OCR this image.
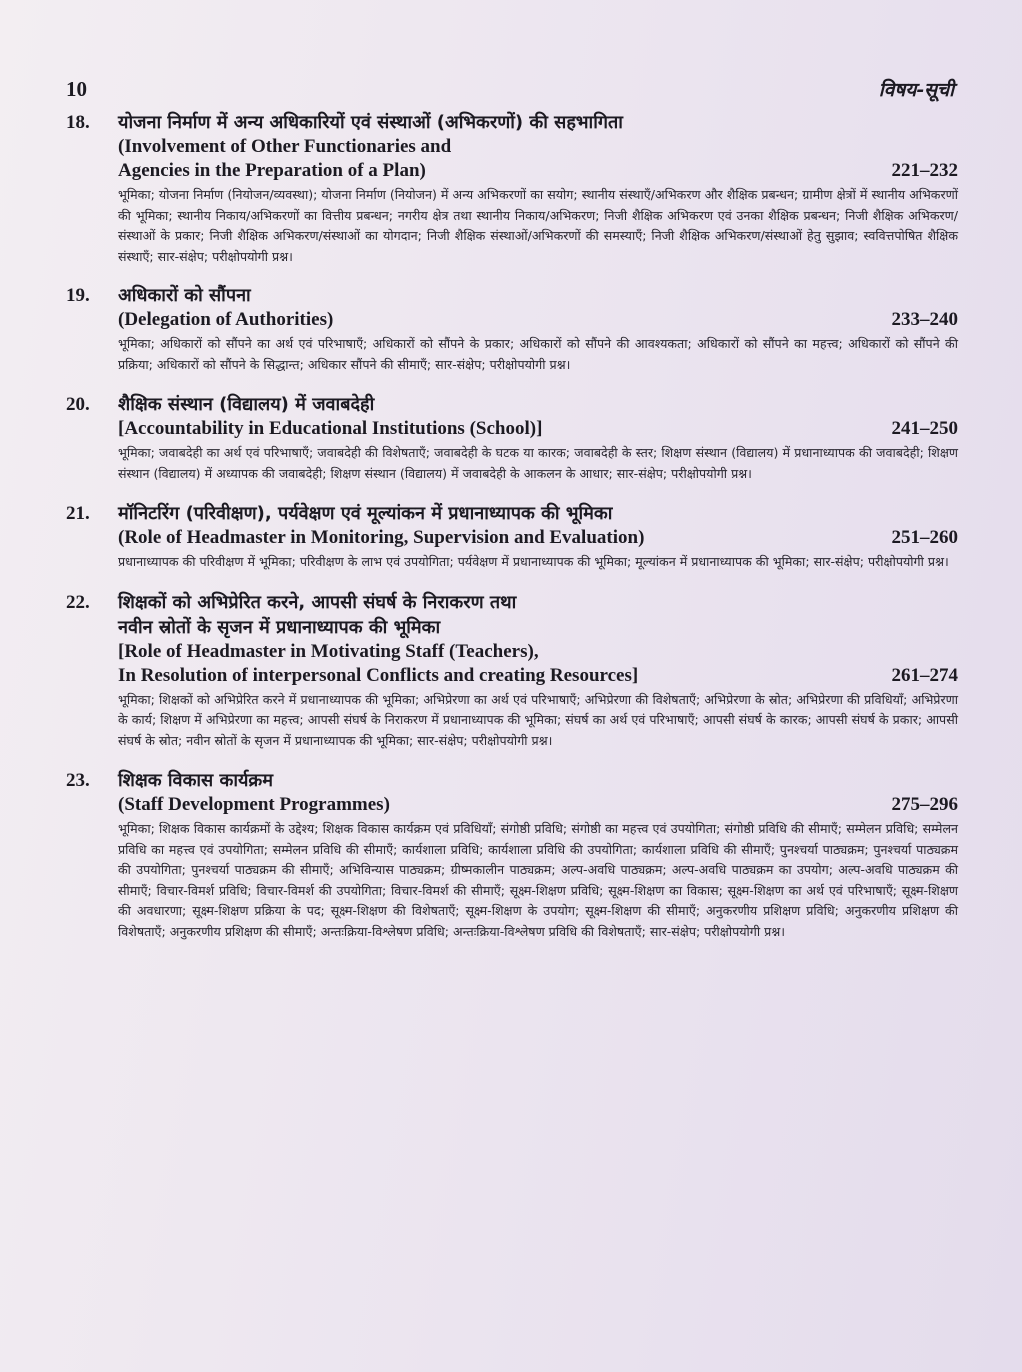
10	विषय-सूची
18.	योजना निर्माण में अन्य अधिकारियों एवं संस्थाओं (अभिकरणों) की सहभागिता
(Involvement of Other Functionaries and
Agencies in the Preparation of a Plan)	221–232
भूमिका; योजना निर्माण (नियोजन/व्यवस्था); योजना निर्माण (नियोजन) में अन्य अभिकरणों का सयोग; स्थानीय संस्थाएँ/अभिकरण और शैक्षिक प्रबन्धन; ग्रामीण क्षेत्रों में स्थानीय अभिकरणों की भूमिका; स्थानीय निकाय/अभिकरणों का वित्तीय प्रबन्धन; नगरीय क्षेत्र तथा स्थानीय निकाय/अभिकरण; निजी शैक्षिक अभिकरण एवं उनका शैक्षिक प्रबन्धन; निजी शैक्षिक अभिकरण/संस्थाओं के प्रकार; निजी शैक्षिक अभिकरण/संस्थाओं का योगदान; निजी शैक्षिक संस्थाओं/अभिकरणों की समस्याएँ; निजी शैक्षिक अभिकरण/संस्थाओं हेतु सुझाव; स्ववित्तपोषित शैक्षिक संस्थाएँ; सार-संक्षेप; परीक्षोपयोगी प्रश्न।
19.	अधिकारों को सौंपना
(Delegation of Authorities)	233–240
भूमिका; अधिकारों को सौंपने का अर्थ एवं परिभाषाएँ; अधिकारों को सौंपने के प्रकार; अधिकारों को सौंपने की आवश्यकता; अधिकारों को सौंपने का महत्त्व; अधिकारों को सौंपने की प्रक्रिया; अधिकारों को सौंपने के सिद्धान्त; अधिकार सौंपने की सीमाएँ; सार-संक्षेप; परीक्षोपयोगी प्रश्न।
20.	शैक्षिक संस्थान (विद्यालय) में जवाबदेही
[Accountability in Educational Institutions (School)]	241–250
भूमिका; जवाबदेही का अर्थ एवं परिभाषाएँ; जवाबदेही की विशेषताएँ; जवाबदेही के घटक या कारक; जवाबदेही के स्तर; शिक्षण संस्थान (विद्यालय) में प्रधानाध्यापक की जवाबदेही; शिक्षण संस्थान (विद्यालय) में अध्यापक की जवाबदेही; शिक्षण संस्थान (विद्यालय) में जवाबदेही के आकलन के आधार; सार-संक्षेप; परीक्षोपयोगी प्रश्न।
21.	मॉनिटरिंग (परिवीक्षण), पर्यवेक्षण एवं मूल्यांकन में प्रधानाध्यापक की भूमिका
(Role of Headmaster in Monitoring, Supervision and Evaluation)	251–260
प्रधानाध्यापक की परिवीक्षण में भूमिका; परिवीक्षण के लाभ एवं उपयोगिता; पर्यवेक्षण में प्रधानाध्यापक की भूमिका; मूल्यांकन में प्रधानाध्यापक की भूमिका; सार-संक्षेप; परीक्षोपयोगी प्रश्न।
22.	शिक्षकों को अभिप्रेरित करने, आपसी संघर्ष के निराकरण तथा
नवीन स्रोतों के सृजन में प्रधानाध्यापक की भूमिका
[Role of Headmaster in Motivating Staff (Teachers),
In Resolution of interpersonal Conflicts and creating Resources]	261–274
भूमिका; शिक्षकों को अभिप्रेरित करने में प्रधानाध्यापक की भूमिका; अभिप्रेरणा का अर्थ एवं परिभाषाएँ; अभिप्रेरणा की विशेषताएँ; अभिप्रेरणा के स्रोत; अभिप्रेरणा की प्रविधियाँ; अभिप्रेरणा के कार्य; शिक्षण में अभिप्रेरणा का महत्त्व; आपसी संघर्ष के निराकरण में प्रधानाध्यापक की भूमिका; संघर्ष का अर्थ एवं परिभाषाएँ; आपसी संघर्ष के कारक; आपसी संघर्ष के प्रकार; आपसी संघर्ष के स्रोत; नवीन स्रोतों के सृजन में प्रधानाध्यापक की भूमिका; सार-संक्षेप; परीक्षोपयोगी प्रश्न।
23.	शिक्षक विकास कार्यक्रम
(Staff Development Programmes)	275–296
भूमिका; शिक्षक विकास कार्यक्रमों के उद्देश्य; शिक्षक विकास कार्यक्रम एवं प्रविधियाँ; संगोष्ठी प्रविधि; संगोष्ठी का महत्त्व एवं उपयोगिता; संगोष्ठी प्रविधि की सीमाएँ; सम्मेलन प्रविधि; सम्मेलन प्रविधि का महत्त्व एवं उपयोगिता; सम्मेलन प्रविधि की सीमाएँ; कार्यशाला प्रविधि; कार्यशाला प्रविधि की उपयोगिता; कार्यशाला प्रविधि की सीमाएँ; पुनश्चर्या पाठ्यक्रम; पुनश्चर्या पाठ्यक्रम की उपयोगिता; पुनश्चर्या पाठ्यक्रम की सीमाएँ; अभिविन्यास पाठ्यक्रम; ग्रीष्मकालीन पाठ्यक्रम; अल्प-अवधि पाठ्यक्रम; अल्प-अवधि पाठ्यक्रम का उपयोग; अल्प-अवधि पाठ्यक्रम की सीमाएँ; विचार-विमर्श प्रविधि; विचार-विमर्श की उपयोगिता; विचार-विमर्श की सीमाएँ; सूक्ष्म-शिक्षण प्रविधि; सूक्ष्म-शिक्षण का विकास; सूक्ष्म-शिक्षण का अर्थ एवं परिभाषाएँ; सूक्ष्म-शिक्षण की अवधारणा; सूक्ष्म-शिक्षण प्रक्रिया के पद; सूक्ष्म-शिक्षण की विशेषताएँ; सूक्ष्म-शिक्षण के उपयोग; सूक्ष्म-शिक्षण की सीमाएँ; अनुकरणीय प्रशिक्षण प्रविधि; अनुकरणीय प्रशिक्षण की विशेषताएँ; अनुकरणीय प्रशिक्षण की सीमाएँ; अन्तःक्रिया-विश्लेषण प्रविधि; अन्तःक्रिया-विश्लेषण प्रविधि की विशेषताएँ; सार-संक्षेप; परीक्षोपयोगी प्रश्न।
